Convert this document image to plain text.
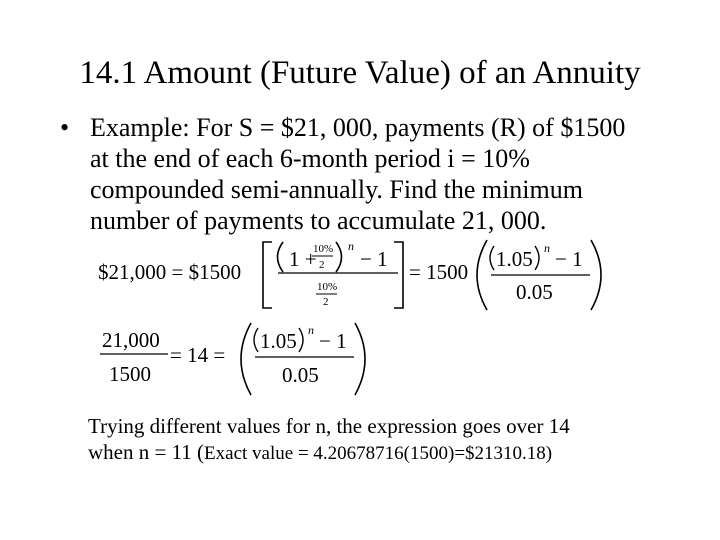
14.1 Amount (Future Value) of an Annuity
• Example: For S = $21, 000, payments (R) of $1500
at the end of each 6-month period i = 10%
compounded semi-annually. Find the minimum
number of payments to accumulate 21, 000.
$21,000 = $1500
1 +
10%
2
n
− 1
10%
2
= 1500
1.05 n − 1
0.05
21,000
1500
= 14 =
1.05 n − 1
0.05
Trying different values for n, the expression goes over 14
when n = 11 (Exact value = 4.20678716(1500)=$21310.18)
